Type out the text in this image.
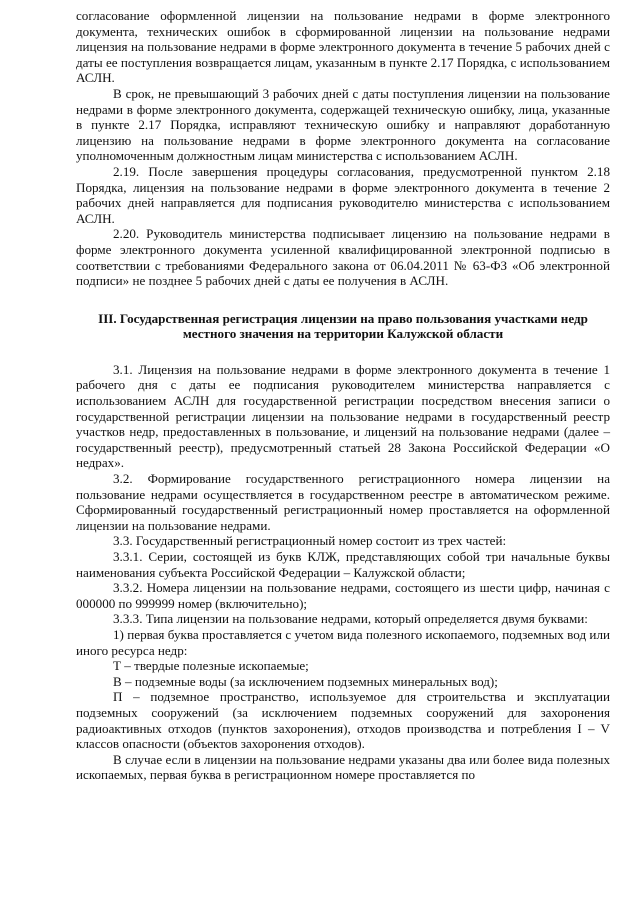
согласование оформленной лицензии на пользование недрами в форме электронного документа, технических ошибок в сформированной лицензии на пользование недрами лицензия на пользование недрами в форме электронного документа в течение 5 рабочих дней с даты ее поступления возвращается лицам, указанным в пункте 2.17 Порядка, с использованием АСЛН.

В срок, не превышающий 3 рабочих дней с даты поступления лицензии на пользование недрами в форме электронного документа, содержащей техническую ошибку, лица, указанные в пункте 2.17 Порядка, исправляют техническую ошибку и направляют доработанную лицензию на пользование недрами в форме электронного документа на согласование уполномоченным должностным лицам министерства с использованием АСЛН.

2.19. После завершения процедуры согласования, предусмотренной пунктом 2.18 Порядка, лицензия на пользование недрами в форме электронного документа в течение 2 рабочих дней направляется для подписания руководителю министерства с использованием АСЛН.

2.20. Руководитель министерства подписывает лицензию на пользование недрами в форме электронного документа усиленной квалифицированной электронной подписью в соответствии с требованиями Федерального закона от 06.04.2011 № 63-ФЗ «Об электронной подписи» не позднее 5 рабочих дней с даты ее получения в АСЛН.

III. Государственная регистрация лицензии на право пользования участками недр

местного значения на территории Калужской области

3.1. Лицензия на пользование недрами в форме электронного документа в течение 1 рабочего дня с даты ее подписания руководителем министерства направляется с использованием АСЛН для государственной регистрации посредством внесения записи о государственной регистрации лицензии на пользование недрами в государственный реестр участков недр, предоставленных в пользование, и лицензий на пользование недрами (далее – государственный реестр), предусмотренный статьей 28 Закона Российской Федерации «О недрах».

3.2. Формирование государственного регистрационного номера лицензии на пользование недрами осуществляется в государственном реестре в автоматическом режиме. Сформированный государственный регистрационный номер проставляется на оформленной лицензии на пользование недрами.

3.3. Государственный регистрационный номер состоит из трех частей:

3.3.1. Серии, состоящей из букв КЛЖ, представляющих собой три начальные буквы наименования субъекта Российской Федерации – Калужской области;

3.3.2. Номера лицензии на пользование недрами, состоящего из шести цифр, начиная с 000000 по 999999 номер (включительно);

3.3.3. Типа лицензии на пользование недрами, который определяется двумя буквами:

1) первая буква проставляется с учетом вида полезного ископаемого, подземных вод или иного ресурса недр:

Т – твердые полезные ископаемые;

В – подземные воды (за исключением подземных минеральных вод);

П – подземное пространство, используемое для строительства и эксплуатации подземных сооружений (за исключением подземных сооружений для захоронения радиоактивных отходов (пунктов захоронения), отходов производства и потребления I – V классов опасности (объектов захоронения отходов).

В случае если в лицензии на пользование недрами указаны два или более вида полезных ископаемых, первая буква в регистрационном номере проставляется по
